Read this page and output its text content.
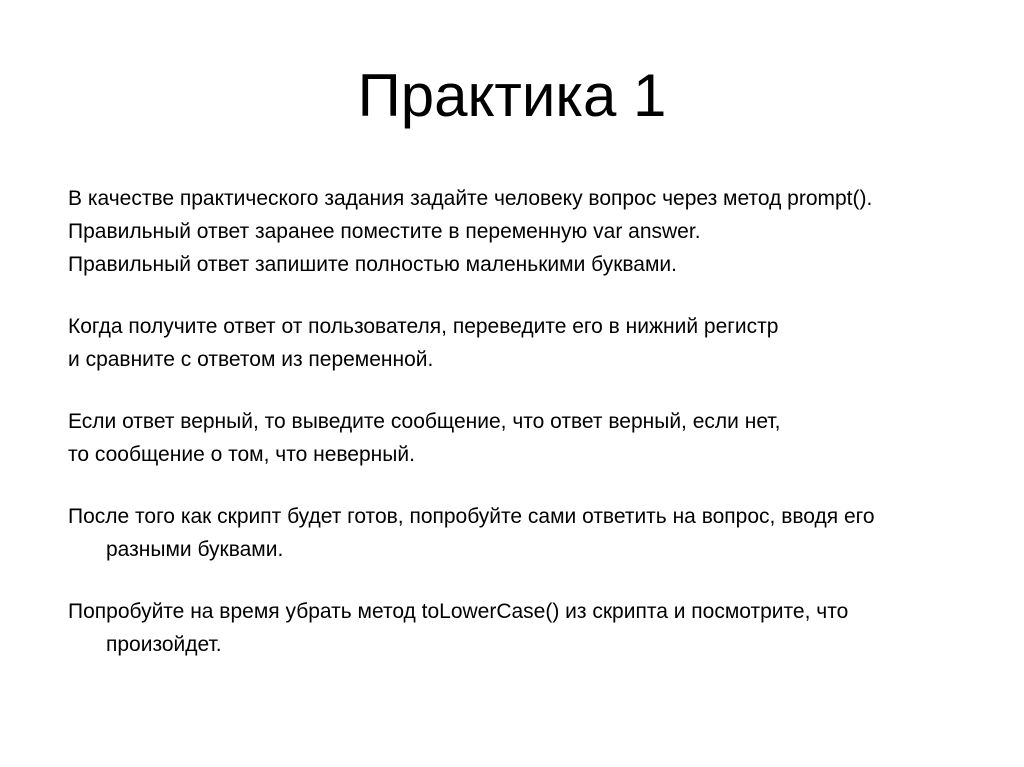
Практика 1
В качестве практического задания задайте человеку вопрос через метод prompt().
Правильный ответ заранее поместите в переменную var answer.
Правильный ответ запишите полностью маленькими буквами.
Когда получите ответ от пользователя, переведите его в нижний регистр
и сравните с ответом из переменной.
Если ответ верный, то выведите сообщение, что ответ верный, если нет,
то сообщение о том, что неверный.
После того как скрипт будет готов, попробуйте сами ответить на вопрос, вводя его
разными буквами.
Попробуйте на время убрать метод toLowerCase() из скрипта и посмотрите, что
произойдет.
